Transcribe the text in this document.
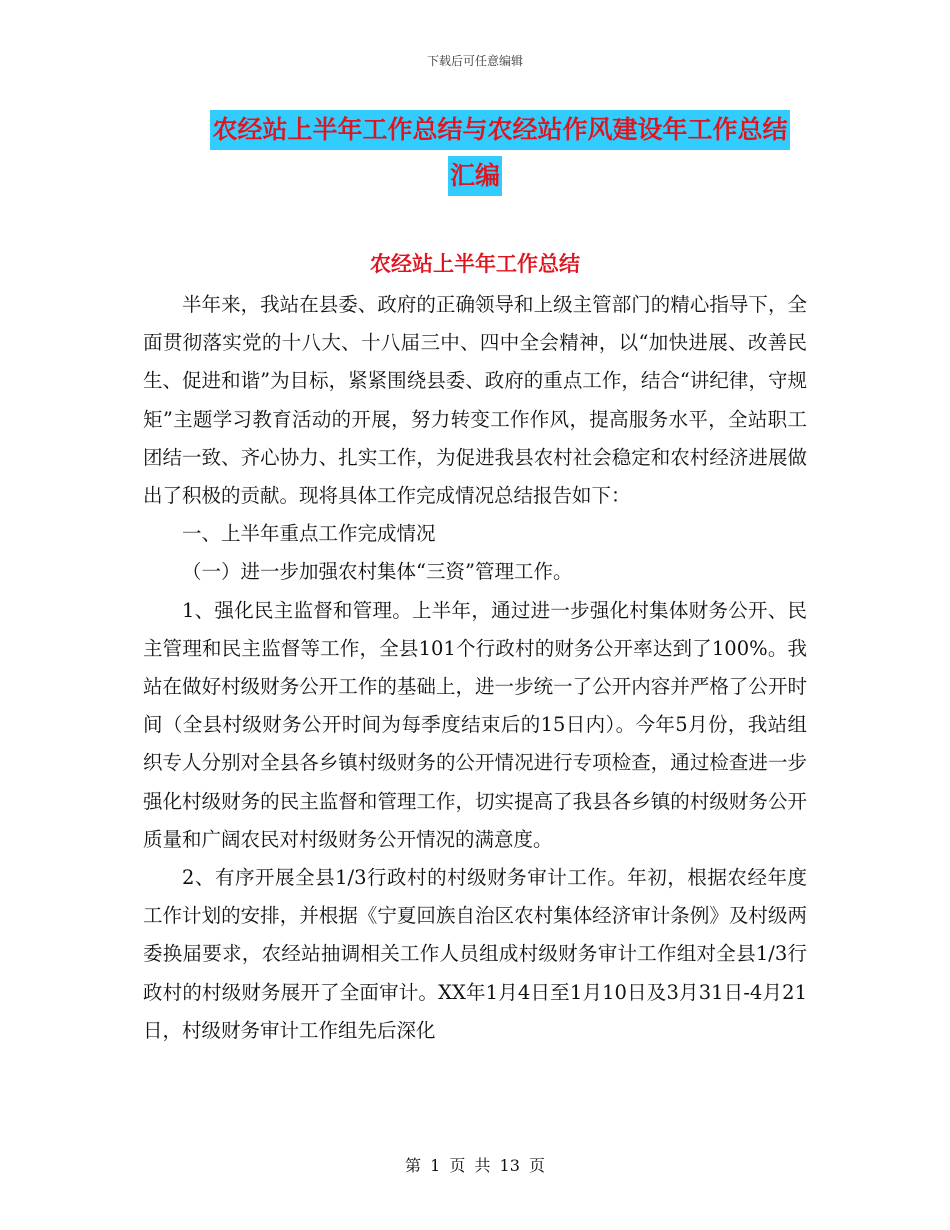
下载后可任意编辑
农经站上半年工作总结与农经站作风建设年工作总结
汇编
农经站上半年工作总结

半年来，我站在县委、政府的正确领导和上级主管部门的精心指导下，全面贯彻落实党的十八大、十八届三中、四中全会精神，以“加快进展、改善民生、促进和谐”为目标，紧紧围绕县委、政府的重点工作，结合“讲纪律，守规矩”主题学习教育活动的开展，努力转变工作作风，提高服务水平，全站职工团结一致、齐心协力、扎实工作，为促进我县农村社会稳定和农村经济进展做出了积极的贡献。现将具体工作完成情况总结报告如下：

一、上半年重点工作完成情况

（一）进一步加强农村集体“三资”管理工作。

1、强化民主监督和管理。上半年，通过进一步强化村集体财务公开、民主管理和民主监督等工作，全县101个行政村的财务公开率达到了100%。我站在做好村级财务公开工作的基础上，进一步统一了公开内容并严格了公开时间（全县村级财务公开时间为每季度结束后的15日内）。今年5月份，我站组织专人分别对全县各乡镇村级财务的公开情况进行专项检查，通过检查进一步强化村级财务的民主监督和管理工作，切实提高了我县各乡镇的村级财务公开质量和广阔农民对村级财务公开情况的满意度。

2、有序开展全县1/3行政村的村级财务审计工作。年初，根据农经年度工作计划的安排，并根据《宁夏回族自治区农村集体经济审计条例》及村级两委换届要求，农经站抽调相关工作人员组成村级财务审计工作组对全县1/3行政村的村级财务展开了全面审计。XX年1月4日至1月10日及3月31日-4月21日，村级财务审计工作组先后深化

第 1 页 共 13 页
